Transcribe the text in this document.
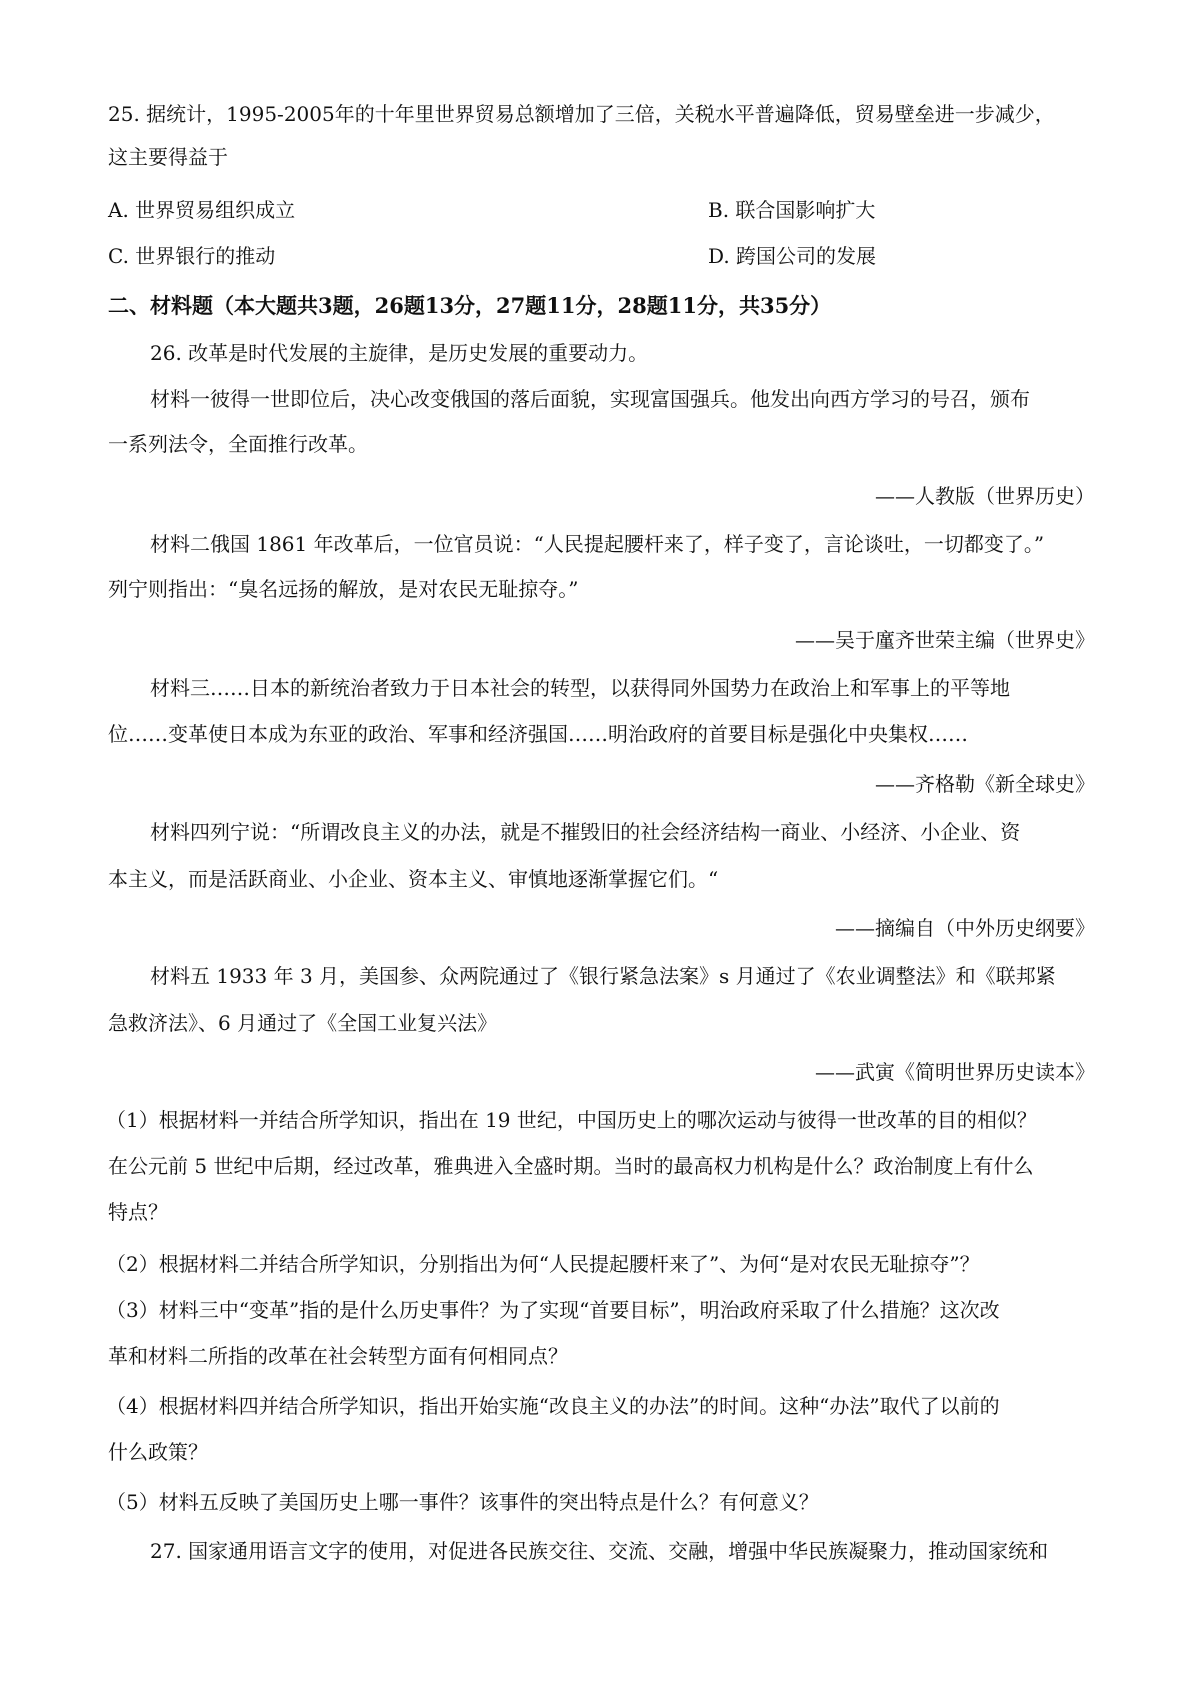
25. 据统计，1995-2005年的十年里世界贸易总额增加了三倍，关税水平普遍降低，贸易壁垒进一步减少，
这主要得益于
A. 世界贸易组织成立	B. 联合国影响扩大
C. 世界银行的推动	D. 跨国公司的发展
二、材料题（本大题共3题，26题13分，27题11分，28题11分，共35分）
26. 改革是时代发展的主旋律，是历史发展的重要动力。
材料一彼得一世即位后，决心改变俄国的落后面貌，实现富国强兵。他发出向西方学习的号召，颁布
一系列法令，全面推行改革。
——人教版（世界历史）
材料二俄国 1861 年改革后，一位官员说：“人民提起腰杆来了，样子变了，言论谈吐，一切都变了。”
列宁则指出：“臭名远扬的解放，是对农民无耻掠夺。”
——吴于廑齐世荣主编（世界史》
材料三……日本的新统治者致力于日本社会的转型，以获得同外国势力在政治上和军事上的平等地
位……变革使日本成为东亚的政治、军事和经济强国……明治政府的首要目标是强化中央集权……
——齐格勒《新全球史》
材料四列宁说：“所谓改良主义的办法，就是不摧毁旧的社会经济结构一商业、小经济、小企业、资
本主义，而是活跃商业、小企业、资本主义、审慎地逐渐掌握它们。“
——摘编自（中外历史纲要》
材料五 1933 年 3 月，美国参、众两院通过了《银行紧急法案》s 月通过了《农业调整法》和《联邦紧
急救济法》、6 月通过了《全国工业复兴法》
——武寅《简明世界历史读本》
（1）根据材料一并结合所学知识，指出在 19 世纪，中国历史上的哪次运动与彼得一世改革的目的相似？
在公元前 5 世纪中后期，经过改革，雅典进入全盛时期。当时的最高权力机构是什么？政治制度上有什么
特点？
（2）根据材料二并结合所学知识，分别指出为何“人民提起腰杆来了”、为何“是对农民无耻掠夺”？
（3）材料三中“变革”指的是什么历史事件？为了实现“首要目标”，明治政府采取了什么措施？这次改
革和材料二所指的改革在社会转型方面有何相同点？
（4）根据材料四并结合所学知识，指出开始实施“改良主义的办法”的时间。这种“办法”取代了以前的
什么政策？
（5）材料五反映了美国历史上哪一事件？该事件的突出特点是什么？有何意义？
27. 国家通用语言文字的使用，对促进各民族交往、交流、交融，增强中华民族凝聚力，推动国家统和
